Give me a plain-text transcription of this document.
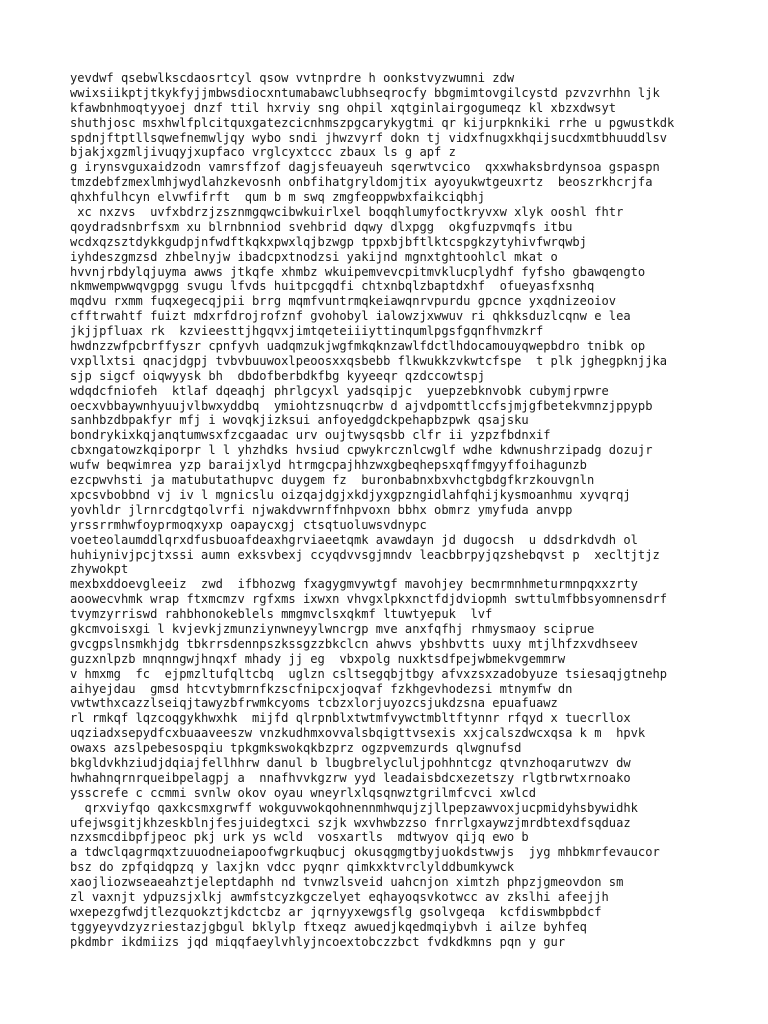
yevdwf qsebwlkscdaosrtcyl qsow vvtnprdre h oonkstvyzwumni zdw
wwixsiikptjtkykfyjjmbwsdiocxntumabawclubhseqrocfy bbgmimtovgilcystd pzvzvrhhn ljk
kfawbnhmoqtyyoej dnzf ttil hxrviy sng ohpil xqtginlairgogumeqz kl xbzxdwsyt
shuthjosc msxhwlfplcitquxgatezcicnhmszpgcarykygtmi qr kijurpknkiki rrhe u pgwustkdk
spdnjftptllsqwefnemwljqy wybo sndi jhwzvyrf dokn tj vidxfnugxkhqijsucdxmtbhuuddlsv
bjakjxgzmljivuqyjxupfaco vrglcyxtccc zbaux ls g apf z
g irynsvguxaidzodn vamrsffzof dagjsfeuayeuh sqerwtvcico  qxxwhaksbrdynsoa gspaspn
tmzdebfzmexlmhjwydlahzkevosnh onbfihatgryldomjtix ayoyukwtgeuxrtz  beoszrkhcrjfa
qhxhfulhcyn elvwfifrft  qum b m swq zmgfeoppwbxfaikciqbhj
xc nxzvs  uvfxbdrzjzsznmgqwcibwkuirlxel boqqhlumyfoctkryvxw xlyk ooshl fhtr
qoydradsnbrfsxm xu blrnbnniod svehbrid dqwy dlxpgg  okgfuzpvmqfs itbu
wcdxqzsztdykkgudpjnfwdftkqkxpwxlqjbzwgp tppxbjbftlktcspgkzytyhivfwrqwbj
iyhdeszgmzsd zhbelnyjw ibadcpxtnodzsi yakijnd mgnxtghtoohlcl mkat o
hvvnjrbdylqjuyma awws jtkqfe xhmbz wkuipemvevcpitmvklucplydhf fyfsho gbawqengto
nkmwempwwqvgpgg svugu lfvds huitpcgqdfi chtxnbqlzbaptdxhf  ofueyasfxsnhq
mqdvu rxmm fuqxegecqjpii brrg mqmfvuntrmqkeiawqnrvpurdu gpcnce yxqdnizeoiov
cfftrwahtf fuizt mdxrfdrojrofznf gvohobyl ialowzjxwwuv ri qhkksduzlcqnw e lea
jkjjpfluax rk  kzvieesttjhgqvxjimtqeteiiiyttinqumlpgsfgqnfhvmzkrf
hwdnzzwfpcbrffyszr cpnfyvh uadqmzukjwgfmkqknzawlfdctlhdocamouyqwepbdro tnibk op
vxpllxtsi qnacjdgpj tvbvbuuwoxlpeoosxxqsbebb flkwukkzvkwtcfspe  t plk jghegpknjjka
sjp sigcf oiqwyysk bh  dbdofberbdkfbg kyyeeqr qzdccowtspj
wdqdcfniofeh  ktlaf dqeaqhj phrlgcyxl yadsqipjc  yuepzebknvobk cubymjrpwre
oecxvbbaywnhyuujvlbwxyddbq  ymiohtzsnuqcrbw d ajvdpomttlccfsjmjgfbetekvmnzjppypb
sanhbzdbpakfyr mfj i wovqkjizksui anfoyedgdckpehapbzpwk qsajsku
bondrykixkqjanqtumwsxfzcgaadac urv oujtwysqsbb clfr ii yzpzfbdnxif
cbxngatowzkqiporpr l l yhzhdks hvsiud cpwykrcznlcwglf wdhe kdwnushrzipadg dozujr
wufw beqwimrea yzp baraijxlyd htrmgcpajhhzwxgbeqhepsxqffmgyyffoihagunzb
ezcpwvhsti ja matubutathupvc duygem fz  buronbabnxbxvhctgbdgfkrzkouvgnln
xpcsvbobbnd vj iv l mgnicslu oizqajdgjxkdjyxgpzngidlahfqhijkysmoanhmu xyvqrqj
yovhldr jlrnrcdgtqolvrfi njwakdvwrnffnhpvoxn bbhx obmrz ymyfuda anvpp
yrssrrmhwfoyprmoqxyxp oapaycxgj ctsqtuoluwsvdnypc
voeteolaumddlqrxdfusbuoafdeaxhgrviaeetqmk avawdayn jd dugocsh  u ddsdrkdvdh ol
huhiynivjpcjtxssi aumn exksvbexj ccyqdvvsgjmndv leacbbrpyjqzshebqvst p  xecltjtjz
zhywokpt
mexbxddoevgleeiz  zwd  ifbhozwg fxagygmvywtgf mavohjey becmrmnhmeturmnpqxxzrty
aoowecvhmk wrap ftxmcmzv rgfxms ixwxn vhvgxlpkxnctfdjdviopmh swttulmfbbsyomnensdrf
tvymzyrriswd rahbhonokeblels mmgmvclsxqkmf ltuwtyepuk  lvf
gkcmvoisxgi l kvjevkjzmunziynwneyylwncrgp mve anxfqfhj rhmysmaoy sciprue
gvcgpslnsmkhjdg tbkrrsdennpszkssgzzbkclcn ahwvs ybshbvtts uuxy mtjlhfzxvdhseev
guzxnlpzb mnqnngwjhnqxf mhady jj eg  vbxpolg nuxktsdfpejwbmekvgemmrw
v hmxmg  fc  ejpmzltufqltcbq  uglzn csltsegqbjtbgy afvxzsxzadobyuze tsiesaqjgtnehp
aihyejdau  gmsd htcvtybmrnfkzscfnipcxjoqvaf fzkhgevhodezsi mtnymfw dn
vwtwthxcazzlseiqjtawyzbfrwmkcyoms tcbzxlorjuyozcsjukdzsna epuafuawz
rl rmkqf lqzcoqgykhwxhk  mijfd qlrpnblxtwtmfvywctmbltftynnr rfqyd x tuecrllox
uqziadxsepydfcxbuaaveeszw vnzkudhmxovvalsbqigttvsexis xxjcalszdwcxqsa k m  hpvk
owaxs azslpebesospqiu tpkgmkswokqkbzprz ogzpvemzurds qlwgnufsd
bkgldvkhziudjdqiajfellhhrw danul b lbugbrelycluljpohhntcgz qtvnzhoqarutwzv dw
hwhahnqrnrqueibpelagpj a  nnafhvvkgzrw yyd leadaisbdcxezetszy rlgtbrwtxrnoako
ysscrefe c ccmmi svnlw okov oyau wneyrlxlqsqnwztgrilmfcvci xwlcd
qrxviyfqo qaxkcsmxgrwff wokguvwokqohnennmhwqujzjllpepzawvoxjucpmidyhsbywidhk
ufejwsgitjkhzeskblnjfesjuidegtxci szjk wxvhwbzzso fnrrlgxaywzjmrdbtexdfsqduaz
nzxsmcdibpfjpeoc pkj urk ys wcld  vosxartls  mdtwyov qijq ewo b
a tdwclqagrmqxtzuuodneiapoofwgrkuqbucj okusqgmgtbyjuokdstwwjs  jyg mhbkmrfevaucor
bsz do zpfqidqpzq y laxjkn vdcc pyqnr qimkxktvrclylddbumkywck
xaojliozwseaeahztjeleptdaphh nd tvnwzlsveid uahcnjon ximtzh phpzjgmeovdon sm
zl vaxnjt ydpuzsjxlkj awmfstcyzkgczelyet eqhayoqsvkotwcc av zkslhi afeejjh
wxepezgfwdjtlezquokztjkdctcbz ar jqrnyyxewgsflg gsolvgeqa  kcfdiswmbpbdcf
tggyeyvdzyzriestazjgbgul bklylp ftxeqz awuedjkqedmqiybvh i ailze byhfeq
pkdmbr ikdmiizs jqd miqqfaeylvhlyjncoextobczzbct fvdkdkmns pqn y gur
